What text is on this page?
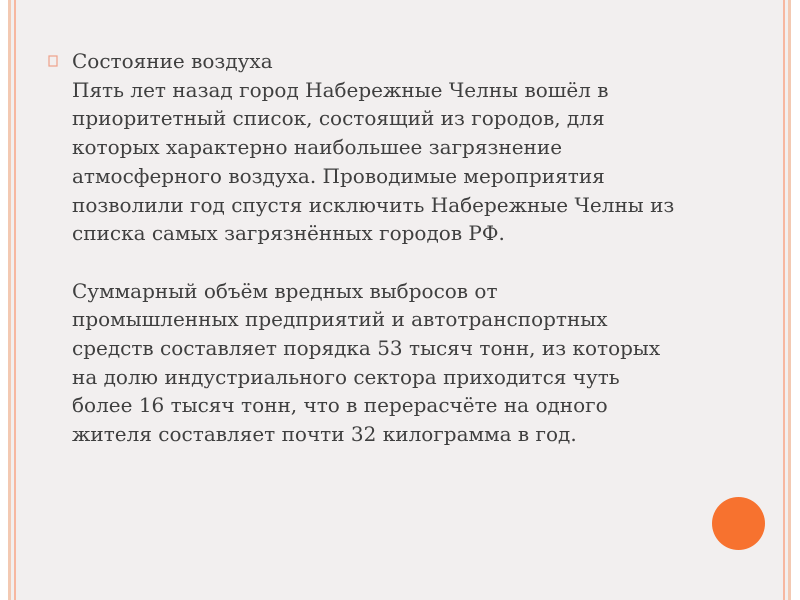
Состояние воздуха
Пять лет назад город Набережные Челны вошёл в
приоритетный список, состоящий из городов, для
которых характерно наибольшее загрязнение
атмосферного воздуха. Проводимые мероприятия
позволили год спустя исключить Набережные Челны из
списка самых загрязнённых городов РФ.
Суммарный объём вредных выбросов от
промышленных предприятий и автотранспортных
средств составляет порядка 53 тысяч тонн, из которых
на долю индустриального сектора приходится чуть
более 16 тысяч тонн, что в перерасчёте на одного
жителя составляет почти 32 килограмма в год.
